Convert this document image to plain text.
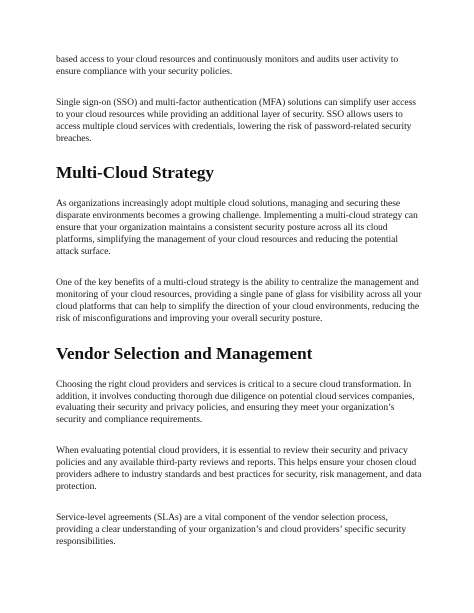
based access to your cloud resources and continuously monitors and audits user activity to ensure compliance with your security policies.

Single sign-on (SSO) and multi-factor authentication (MFA) solutions can simplify user access to your cloud resources while providing an additional layer of security. SSO allows users to access multiple cloud services with credentials, lowering the risk of password-related security breaches.

Multi-Cloud Strategy

As organizations increasingly adopt multiple cloud solutions, managing and securing these disparate environments becomes a growing challenge. Implementing a multi-cloud strategy can ensure that your organization maintains a consistent security posture across all its cloud platforms, simplifying the management of your cloud resources and reducing the potential attack surface.

One of the key benefits of a multi-cloud strategy is the ability to centralize the management and monitoring of your cloud resources, providing a single pane of glass for visibility across all your cloud platforms that can help to simplify the direction of your cloud environments, reducing the risk of misconfigurations and improving your overall security posture.

Vendor Selection and Management

Choosing the right cloud providers and services is critical to a secure cloud transformation. In addition, it involves conducting thorough due diligence on potential cloud services companies, evaluating their security and privacy policies, and ensuring they meet your organization’s security and compliance requirements.

When evaluating potential cloud providers, it is essential to review their security and privacy policies and any available third-party reviews and reports. This helps ensure your chosen cloud providers adhere to industry standards and best practices for security, risk management, and data protection.

Service-level agreements (SLAs) are a vital component of the vendor selection process, providing a clear understanding of your organization’s and cloud providers’ specific security responsibilities.
